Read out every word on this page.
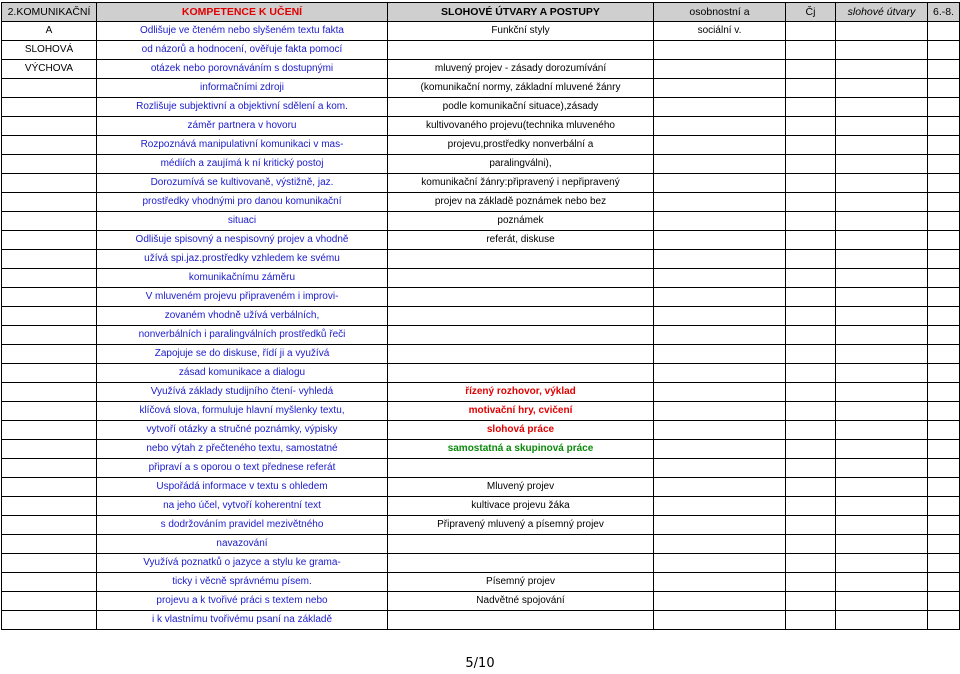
2.KOMUNIKAČNÍ	KOMPETENCE K UČENÍ	SLOHOVÉ ÚTVARY A POSTUPY	osobnostní a	Čj	slohové útvary	6.-8.
A	Odlišuje ve čteném nebo slyšeném textu fakta	Funkční styly	sociální v.			
SLOHOVÁ	od názorů a hodnocení, ověřuje fakta pomocí					
VÝCHOVA	otázek nebo porovnáváním s dostupnými	mluvený projev - zásady dorozumívání				
	informačními zdroji	(komunikační normy, základní mluvené žánry				
	Rozlišuje subjektivní a objektivní sdělení a kom.	podle komunikační situace),zásady				
	záměr partnera v hovoru	kultivovaného projevu(technika mluveného				
	Rozpoznává manipulativní komunikaci v mas-	projevu,prostředky nonverbální a				
	médiích a zaujímá k ní kritický postoj	paralingválni),				
	Dorozumívá se kultivovaně, výstižně, jaz.	komunikační žánry:připravený i nepřipravený				
	prostředky vhodnými pro danou komunikační	projev na základě poznámek nebo bez				
	situaci	poznámek				
	Odlišuje spisovný a nespisovný projev a vhodně	referát, diskuse				
	užívá spi.jaz.prostředky vzhledem ke svému					
	komunikačnímu záměru					
	V mluveném projevu připraveném i improvi-					
	zovaném vhodně užívá verbálních,					
	nonverbálních i paralingválních prostředků řeči					
	Zapojuje se do diskuse, řídí ji a využívá					
	zásad komunikace a dialogu					
	Využívá základy studijního čtení- vyhledá	řízený rozhovor, výklad				
	klíčová slova, formuluje hlavní myšlenky textu,	motivační hry, cvičení				
	vytvoří otázky a stručné poznámky, výpisky	slohová práce				
	nebo výtah z přečteného textu, samostatné	samostatná a skupinová práce				
	připraví a s oporou o text přednese referát					
	Uspořádá informace v textu s ohledem	Mluvený projev				
	na jeho účel, vytvoří koherentní text	kultivace projevu žáka				
	s dodržováním pravidel mezivětného	Připravený mluvený a písemný projev				
	navazování					
	Využívá poznatků o jazyce a stylu ke grama-					
	ticky i věcně správnému písem.	Písemný projev				
	projevu a k tvořivé práci s textem nebo	Nadvětné spojování				
	i k vlastnímu tvořivému psaní na základě					
5/10
